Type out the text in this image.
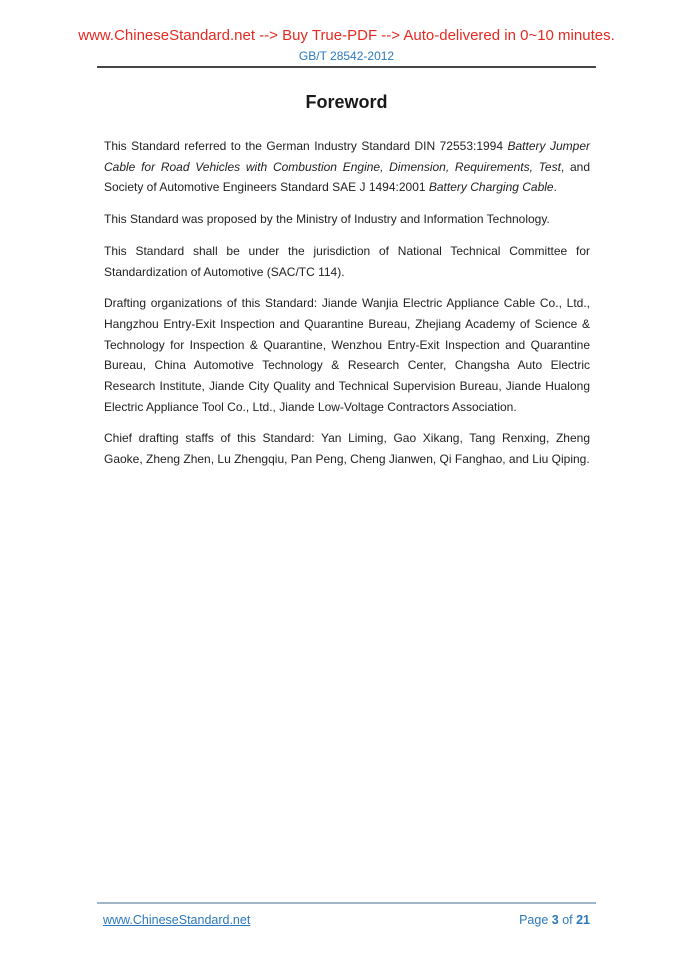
www.ChineseStandard.net --> Buy True-PDF --> Auto-delivered in 0~10 minutes.
GB/T 28542-2012
Foreword

This Standard referred to the German Industry Standard DIN 72553:1994 Battery Jumper Cable for Road Vehicles with Combustion Engine, Dimension, Requirements, Test, and Society of Automotive Engineers Standard SAE J 1494:2001 Battery Charging Cable.

This Standard was proposed by the Ministry of Industry and Information Technology.

This Standard shall be under the jurisdiction of National Technical Committee for Standardization of Automotive (SAC/TC 114).

Drafting organizations of this Standard: Jiande Wanjia Electric Appliance Cable Co., Ltd., Hangzhou Entry-Exit Inspection and Quarantine Bureau, Zhejiang Academy of Science & Technology for Inspection & Quarantine, Wenzhou Entry-Exit Inspection and Quarantine Bureau, China Automotive Technology & Research Center, Changsha Auto Electric Research Institute, Jiande City Quality and Technical Supervision Bureau, Jiande Hualong Electric Appliance Tool Co., Ltd., Jiande Low-Voltage Contractors Association.

Chief drafting staffs of this Standard: Yan Liming, Gao Xikang, Tang Renxing, Zheng Gaoke, Zheng Zhen, Lu Zhengqiu, Pan Peng, Cheng Jianwen, Qi Fanghao, and Liu Qiping.

www.ChineseStandard.net	Page 3 of 21
